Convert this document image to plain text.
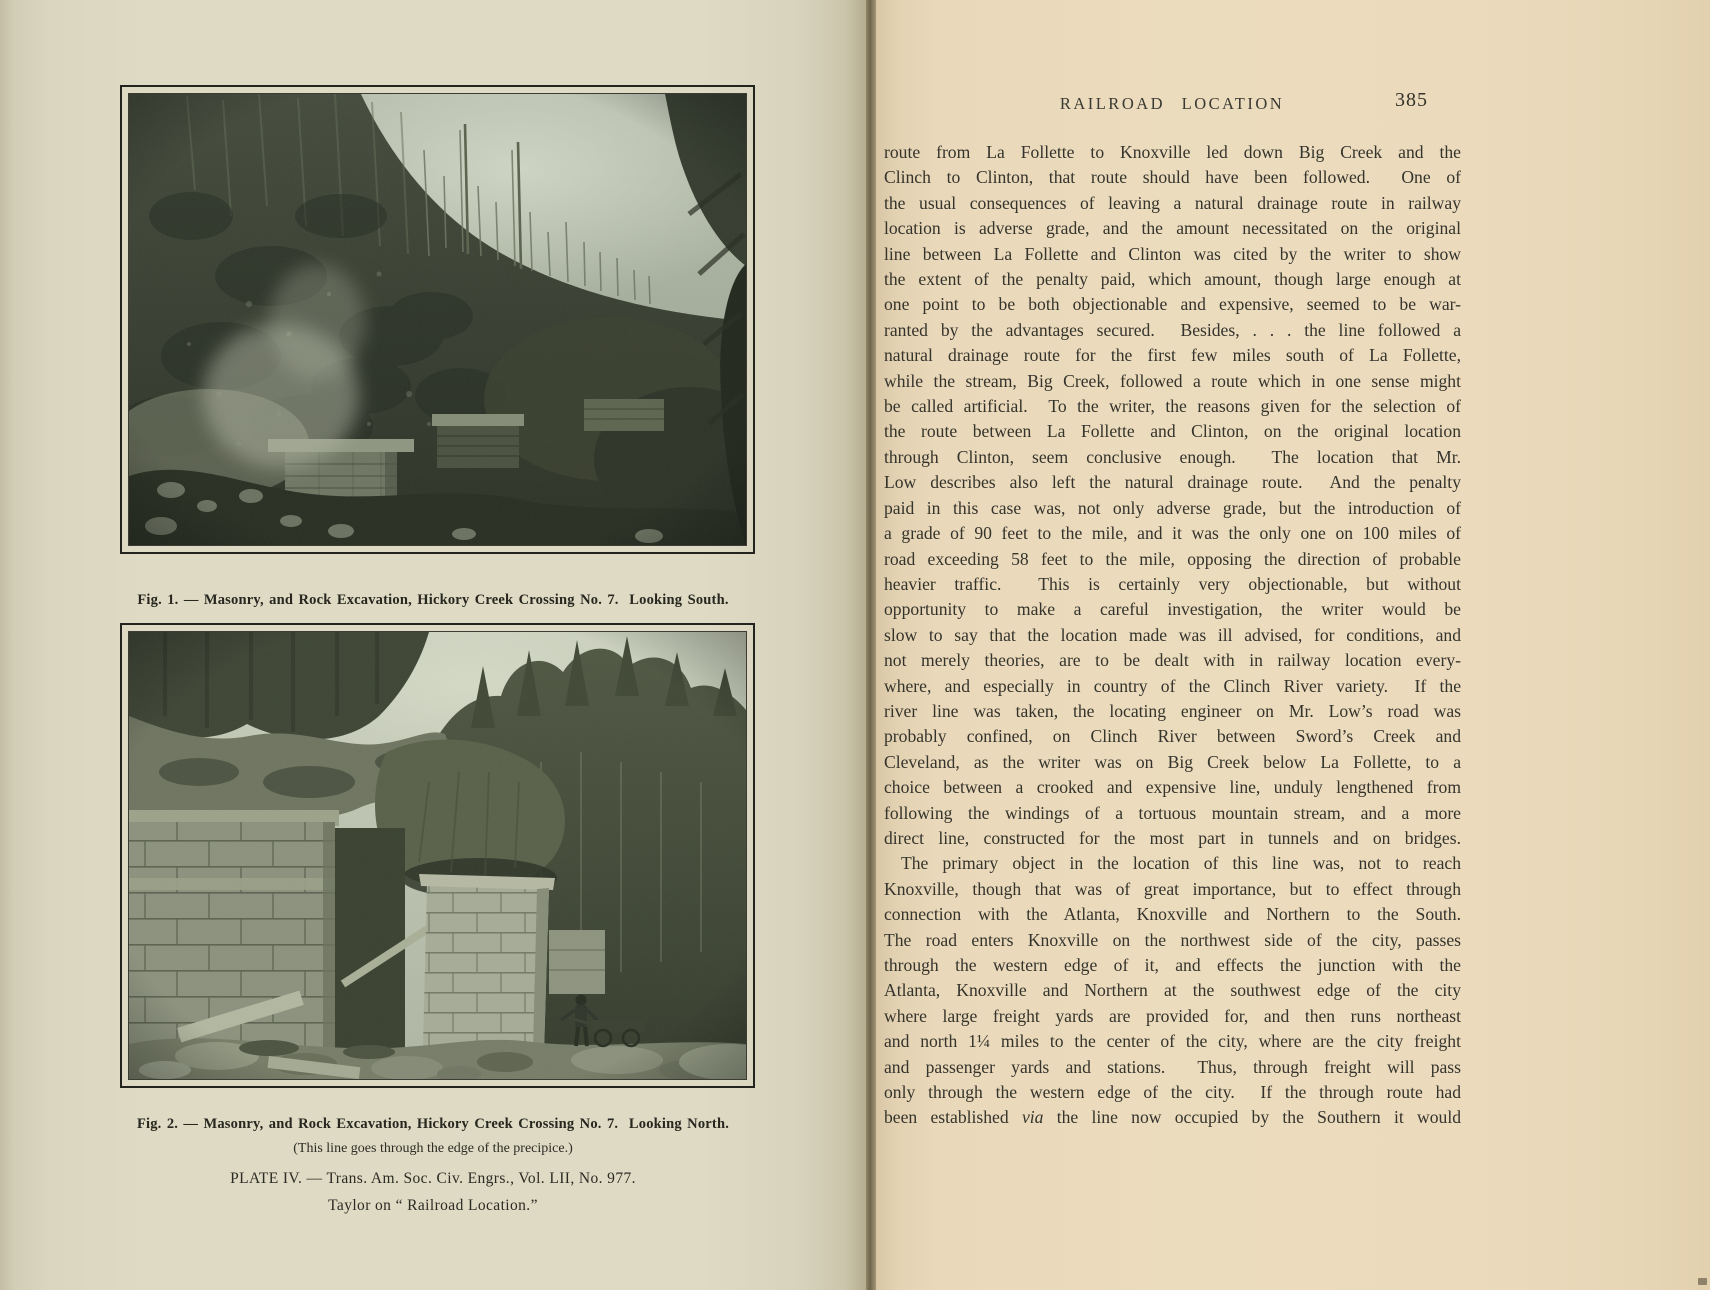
Fig. 1. — Masonry, and Rock Excavation, Hickory Creek Crossing No. 7.  Looking South.
Fig. 2. — Masonry, and Rock Excavation, Hickory Creek Crossing No. 7.  Looking North.
(This line goes through the edge of the precipice.)
PLATE IV. — Trans. Am. Soc. Civ. Engrs., Vol. LII, No. 977.
Taylor on “ Railroad Location.”
RAILROAD LOCATION	385
route from La Follette to Knoxville led down Big Creek and the
Clinch to Clinton, that route should have been followed.  One of
the usual consequences of leaving a natural drainage route in railway
location is adverse grade, and the amount necessitated on the original
line between La Follette and Clinton was cited by the writer to show
the extent of the penalty paid, which amount, though large enough at
one point to be both objectionable and expensive, seemed to be war-
ranted by the advantages secured.  Besides, . . . the line followed a
natural drainage route for the first few miles south of La Follette,
while the stream, Big Creek, followed a route which in one sense might
be called artificial.  To the writer, the reasons given for the selection of
the route between La Follette and Clinton, on the original location
through Clinton, seem conclusive enough.  The location that Mr.
Low describes also left the natural drainage route.  And the penalty
paid in this case was, not only adverse grade, but the introduction of
a grade of 90 feet to the mile, and it was the only one on 100 miles of
road exceeding 58 feet to the mile, opposing the direction of probable
heavier traffic.  This is certainly very objectionable, but without
opportunity to make a careful investigation, the writer would be
slow to say that the location made was ill advised, for conditions, and
not merely theories, are to be dealt with in railway location every-
where, and especially in country of the Clinch River variety.  If the
river line was taken, the locating engineer on Mr. Low’s road was
probably confined, on Clinch River between Sword’s Creek and
Cleveland, as the writer was on Big Creek below La Follette, to a
choice between a crooked and expensive line, unduly lengthened from
following the windings of a tortuous mountain stream, and a more
direct line, constructed for the most part in tunnels and on bridges.
The primary object in the location of this line was, not to reach
Knoxville, though that was of great importance, but to effect through
connection with the Atlanta, Knoxville and Northern to the South.
The road enters Knoxville on the northwest side of the city, passes
through the western edge of it, and effects the junction with the
Atlanta, Knoxville and Northern at the southwest edge of the city
where large freight yards are provided for, and then runs northeast
and north 1¼ miles to the center of the city, where are the city freight
and passenger yards and stations.  Thus, through freight will pass
only through the western edge of the city.  If the through route had
been established via the line now occupied by the Southern it would
